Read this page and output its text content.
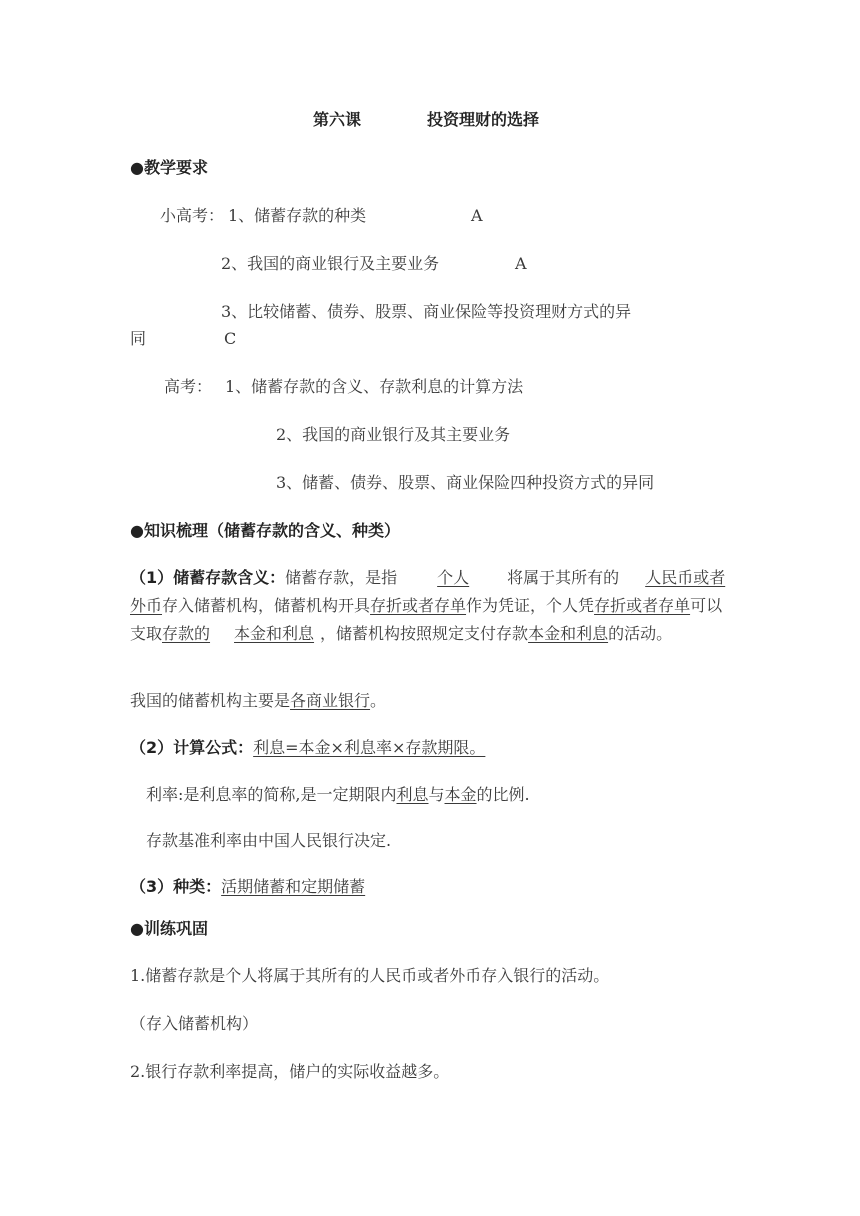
第六课	投资理财的选择
●教学要求
小高考： 1、储蓄存款的种类	A
2、我国的商业银行及主要业务	A
3、比较储蓄、债券、股票、商业保险等投资理财方式的异
同	C
高考： 1、储蓄存款的含义、存款利息的计算方法
2、我国的商业银行及其主要业务
3、储蓄、债券、股票、商业保险四种投资方式的异同
●知识梳理（储蓄存款的含义、种类）
（1）储蓄存款含义：储蓄存款，是指	个人 将属于其所有的 人民币或者外币存入储蓄机构，储蓄机构开具存折或者存单作为凭证，个人凭存折或者存单可以支取存款的 本金和利息 ，储蓄机构按照规定支付存款本金和利息的活动。
我国的储蓄机构主要是各商业银行。
（2）计算公式：利息=本金×利息率×存款期限。
利率:是利息率的简称,是一定期限内利息与本金的比例.
存款基准利率由中国人民银行决定.
（3）种类：活期储蓄和定期储蓄
●训练巩固
1.储蓄存款是个人将属于其所有的人民币或者外币存入银行的活动。
（存入储蓄机构）
2.银行存款利率提高，储户的实际收益越多。
